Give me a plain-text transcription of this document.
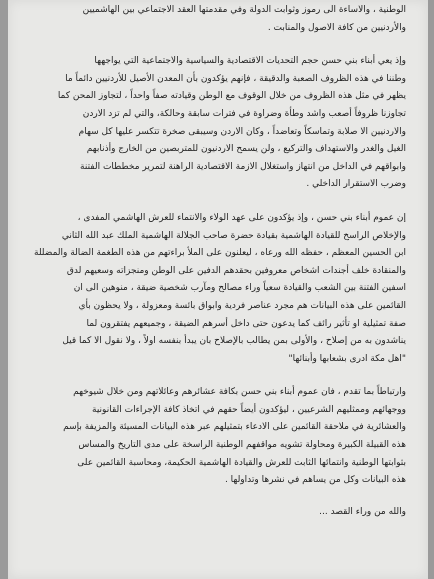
الوطنية ، والاساءة الى رموز وثوابت الدولة وفي مقدمتها العقد الاجتماعي بين الهاشميين
والأردنيين من كافة الاصول والمنابت .
وإذ يعي أبناء بني حسن حجم التحديات الاقتصادية والسياسية والاجتماعية التي يواجهها
وطننا في هذه الظروف الصعبة والدقيقة ، فإنهم يؤكدون بأن المعدن الأصيل للأردنيين دائماً ما
يظهر في مثل هذه الظروف من خلال الوقوف مع الوطن وقيادته صفاً واحداً ، لتجاوز المحن كما
تجاوزنا ظروفاً أصعب واشد وطأة وضراوة في فترات سابقة وحالكة، والتي لم تزد الاردن
والاردنيين الا صلابة وتماسكاً وتعاضداً ، وكان الاردن وسيبقى صخرة تتكسر عليها كل سهام
الغيل والغدر والاستهداف والتركيع ، ولن يسمح الاردنيون للمتربصين من الخارج وأذنابهم
وابواقهم في الداخل من انتهاز واستغلال الازمة الاقتصادية الراهنة لتمرير مخططات الفتنة
وضرب الاستقرار الداخلي .
إن عموم أبناء بني حسن ، وإذ يؤكدون على عهد الولاء والانتماء للعرش الهاشمي المفدى ،
والإخلاص الراسخ للقيادة الهاشمية بقيادة حضرة صاحب الجلالة الهاشمية الملك عبد الله الثاني
ابن الحسين المعظم ، حفظه الله ورعاه ، ليعلنون على الملأ براءتهم من هذه الطغمة الضالة والمضللة
والمنقادة خلف أجندات اشخاص معروفين بحقدهم الدفين على الوطن ومنجزاته وسعيهم لدق
اسفين الفتنة بين الشعب والقيادة سعياً وراء مصالح ومآرب شخصية ضيقة ، منوهين الى ان
القائمين على هذه البيانات هم مجرد عناصر فردية وابواق بائسة ومعزولة ، ولا يحظون بأي
صفة تمثيلية او تأثير رائف كما يدعون حتى داخل أسرهم الضيقة ، وجميعهم يفتقرون لما
يناشدون به من إصلاح ، والأولى بمن يطالب بالإصلاح بان يبدأ بنفسه اولاً ، ولا نقول الا كما قيل
"اهل مكة ادرى بشعابها وأبنائها"
وارتباطاً بما تقدم ، فان عموم أبناء بني حسن بكافة عشائرهم وعائلاتهم ومن خلال شيوخهم
ووجهائهم وممثليهم الشرعيين ، ليؤكدون أيضاً حقهم في اتخاذ كافة الإجراءات القانونية
والعشائرية في ملاحقة القائمين على الادعاء بتمثيلهم عبر هذه البيانات المسيئة والمزيفة بإسم
هذه القبيلة الكبيرة ومحاولة تشويه مواقفهم الوطنية الراسخة على مدى التاريخ والمساس
بثوابتها الوطنية وانتمائها الثابت للعرش والقيادة الهاشمية الحكيمة، ومحاسبة القائمين على
هذه البيانات وكل من يساهم في نشرها وتداولها .
والله من وراء القصد ...
